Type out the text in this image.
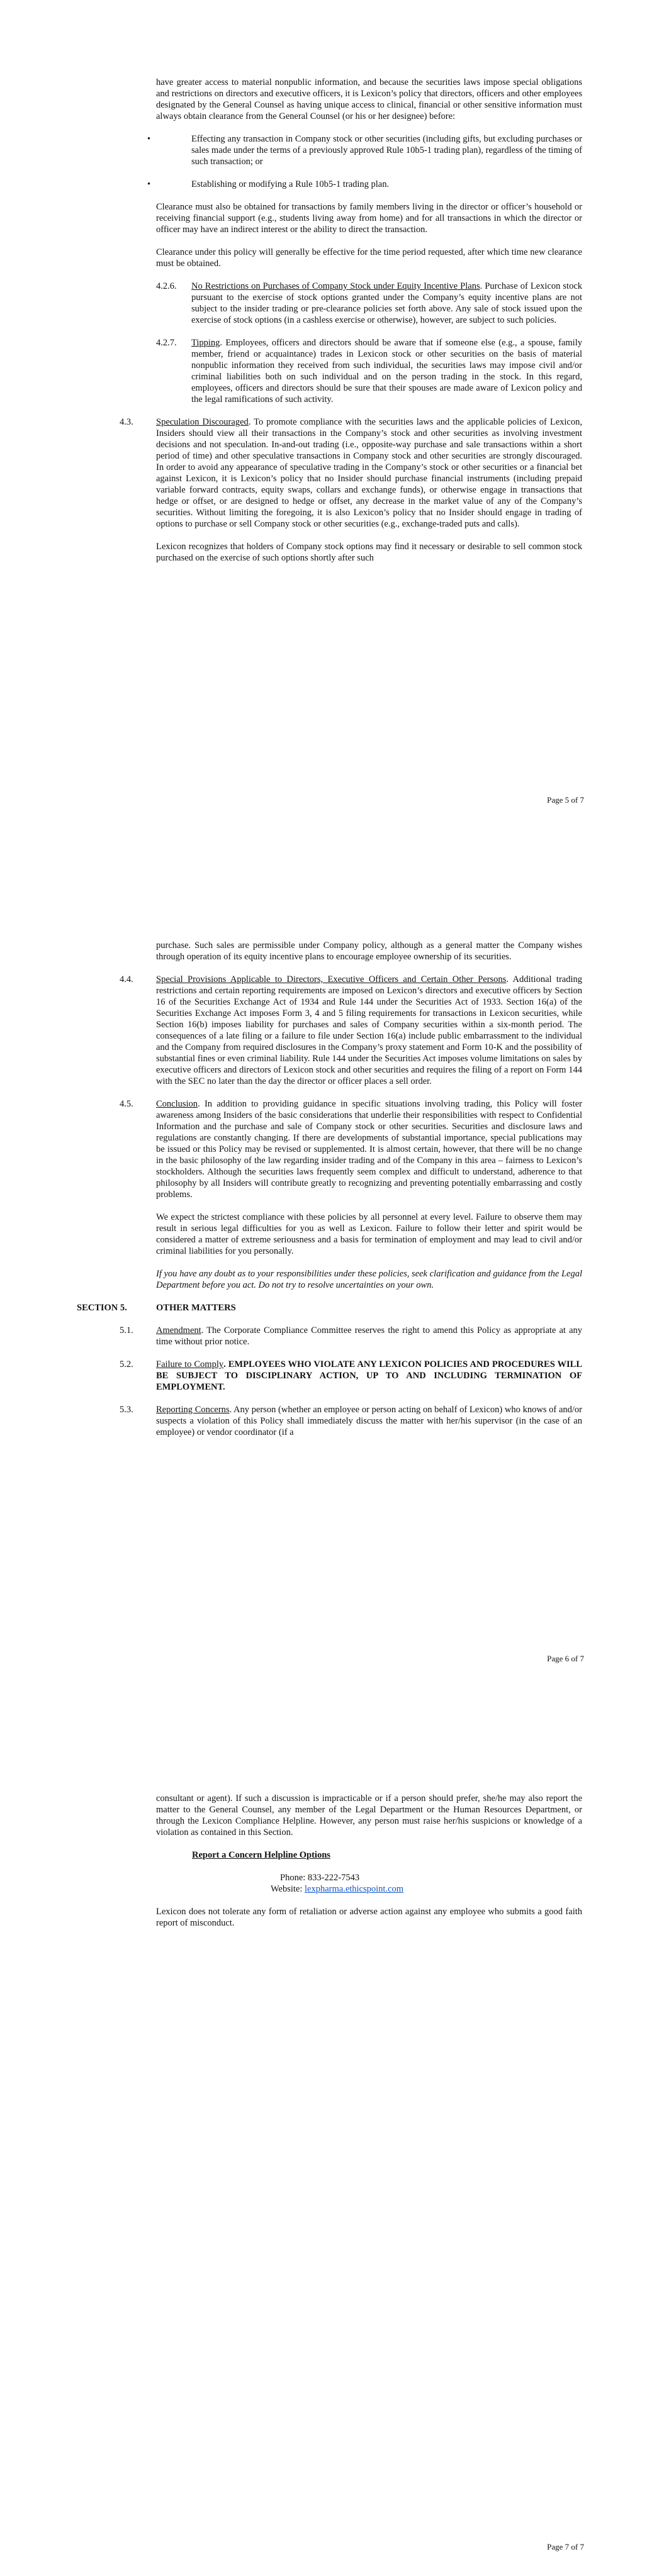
have greater access to material nonpublic information, and because the securities laws impose special obligations and restrictions on directors and executive officers, it is Lexicon’s policy that directors, officers and other employees designated by the General Counsel as having unique access to clinical, financial or other sensitive information must always obtain clearance from the General Counsel (or his or her designee) before:

•	Effecting any transaction in Company stock or other securities (including gifts, but excluding purchases or sales made under the terms of a previously approved Rule 10b5-1 trading plan), regardless of the timing of such transaction; or

•	Establishing or modifying a Rule 10b5-1 trading plan.

Clearance must also be obtained for transactions by family members living in the director or officer’s household or receiving financial support (e.g., students living away from home) and for all transactions in which the director or officer may have an indirect interest or the ability to direct the transaction.

Clearance under this policy will generally be effective for the time period requested, after which time new clearance must be obtained.

4.2.6. No Restrictions on Purchases of Company Stock under Equity Incentive Plans. Purchase of Lexicon stock pursuant to the exercise of stock options granted under the Company’s equity incentive plans are not subject to the insider trading or pre-clearance policies set forth above. Any sale of stock issued upon the exercise of stock options (in a cashless exercise or otherwise), however, are subject to such policies.

4.2.7. Tipping. Employees, officers and directors should be aware that if someone else (e.g., a spouse, family member, friend or acquaintance) trades in Lexicon stock or other securities on the basis of material nonpublic information they received from such individual, the securities laws may impose civil and/or criminal liabilities both on such individual and on the person trading in the stock. In this regard, employees, officers and directors should be sure that their spouses are made aware of Lexicon policy and the legal ramifications of such activity.

4.3.	Speculation Discouraged. To promote compliance with the securities laws and the applicable policies of Lexicon, Insiders should view all their transactions in the Company’s stock and other securities as involving investment decisions and not speculation. In-and-out trading (i.e., opposite-way purchase and sale transactions within a short period of time) and other speculative transactions in Company stock and other securities are strongly discouraged. In order to avoid any appearance of speculative trading in the Company’s stock or other securities or a financial bet against Lexicon, it is Lexicon’s policy that no Insider should purchase financial instruments (including prepaid variable forward contracts, equity swaps, collars and exchange funds), or otherwise engage in transactions that hedge or offset, or are designed to hedge or offset, any decrease in the market value of any of the Company’s securities. Without limiting the foregoing, it is also Lexicon’s policy that no Insider should engage in trading of options to purchase or sell Company stock or other securities (e.g., exchange-traded puts and calls).

Lexicon recognizes that holders of Company stock options may find it necessary or desirable to sell common stock purchased on the exercise of such options shortly after such

Page 5 of 7

purchase. Such sales are permissible under Company policy, although as a general matter the Company wishes through operation of its equity incentive plans to encourage employee ownership of its securities.

4.4.	Special Provisions Applicable to Directors, Executive Officers and Certain Other Persons. Additional trading restrictions and certain reporting requirements are imposed on Lexicon’s directors and executive officers by Section 16 of the Securities Exchange Act of 1934 and Rule 144 under the Securities Act of 1933. Section 16(a) of the Securities Exchange Act imposes Form 3, 4 and 5 filing requirements for transactions in Lexicon securities, while Section 16(b) imposes liability for purchases and sales of Company securities within a six-month period. The consequences of a late filing or a failure to file under Section 16(a) include public embarrassment to the individual and the Company from required disclosures in the Company’s proxy statement and Form 10-K and the possibility of substantial fines or even criminal liability. Rule 144 under the Securities Act imposes volume limitations on sales by executive officers and directors of Lexicon stock and other securities and requires the filing of a report on Form 144 with the SEC no later than the day the director or officer places a sell order.

4.5.	Conclusion. In addition to providing guidance in specific situations involving trading, this Policy will foster awareness among Insiders of the basic considerations that underlie their responsibilities with respect to Confidential Information and the purchase and sale of Company stock or other securities. Securities and disclosure laws and regulations are constantly changing. If there are developments of substantial importance, special publications may be issued or this Policy may be revised or supplemented. It is almost certain, however, that there will be no change in the basic philosophy of the law regarding insider trading and of the Company in this area – fairness to Lexicon’s stockholders. Although the securities laws frequently seem complex and difficult to understand, adherence to that philosophy by all Insiders will contribute greatly to recognizing and preventing potentially embarrassing and costly problems.

We expect the strictest compliance with these policies by all personnel at every level. Failure to observe them may result in serious legal difficulties for you as well as Lexicon. Failure to follow their letter and spirit would be considered a matter of extreme seriousness and a basis for termination of employment and may lead to civil and/or criminal liabilities for you personally.

If you have any doubt as to your responsibilities under these policies, seek clarification and guidance from the Legal Department before you act. Do not try to resolve uncertainties on your own.

SECTION 5.	OTHER MATTERS

5.1.	Amendment. The Corporate Compliance Committee reserves the right to amend this Policy as appropriate at any time without prior notice.

5.2.	Failure to Comply. EMPLOYEES WHO VIOLATE ANY LEXICON POLICIES AND PROCEDURES WILL BE SUBJECT TO DISCIPLINARY ACTION, UP TO AND INCLUDING TERMINATION OF EMPLOYMENT.

5.3.	Reporting Concerns. Any person (whether an employee or person acting on behalf of Lexicon) who knows of and/or suspects a violation of this Policy shall immediately discuss the matter with her/his supervisor (in the case of an employee) or vendor coordinator (if a

Page 6 of 7

consultant or agent). If such a discussion is impracticable or if a person should prefer, she/he may also report the matter to the General Counsel, any member of the Legal Department or the Human Resources Department, or through the Lexicon Compliance Helpline. However, any person must raise her/his suspicions or knowledge of a violation as contained in this Section.

Report a Concern Helpline Options

Phone: 833-222-7543

Website: lexpharma.ethicspoint.com

Lexicon does not tolerate any form of retaliation or adverse action against any employee who submits a good faith report of misconduct.

Page 7 of 7
